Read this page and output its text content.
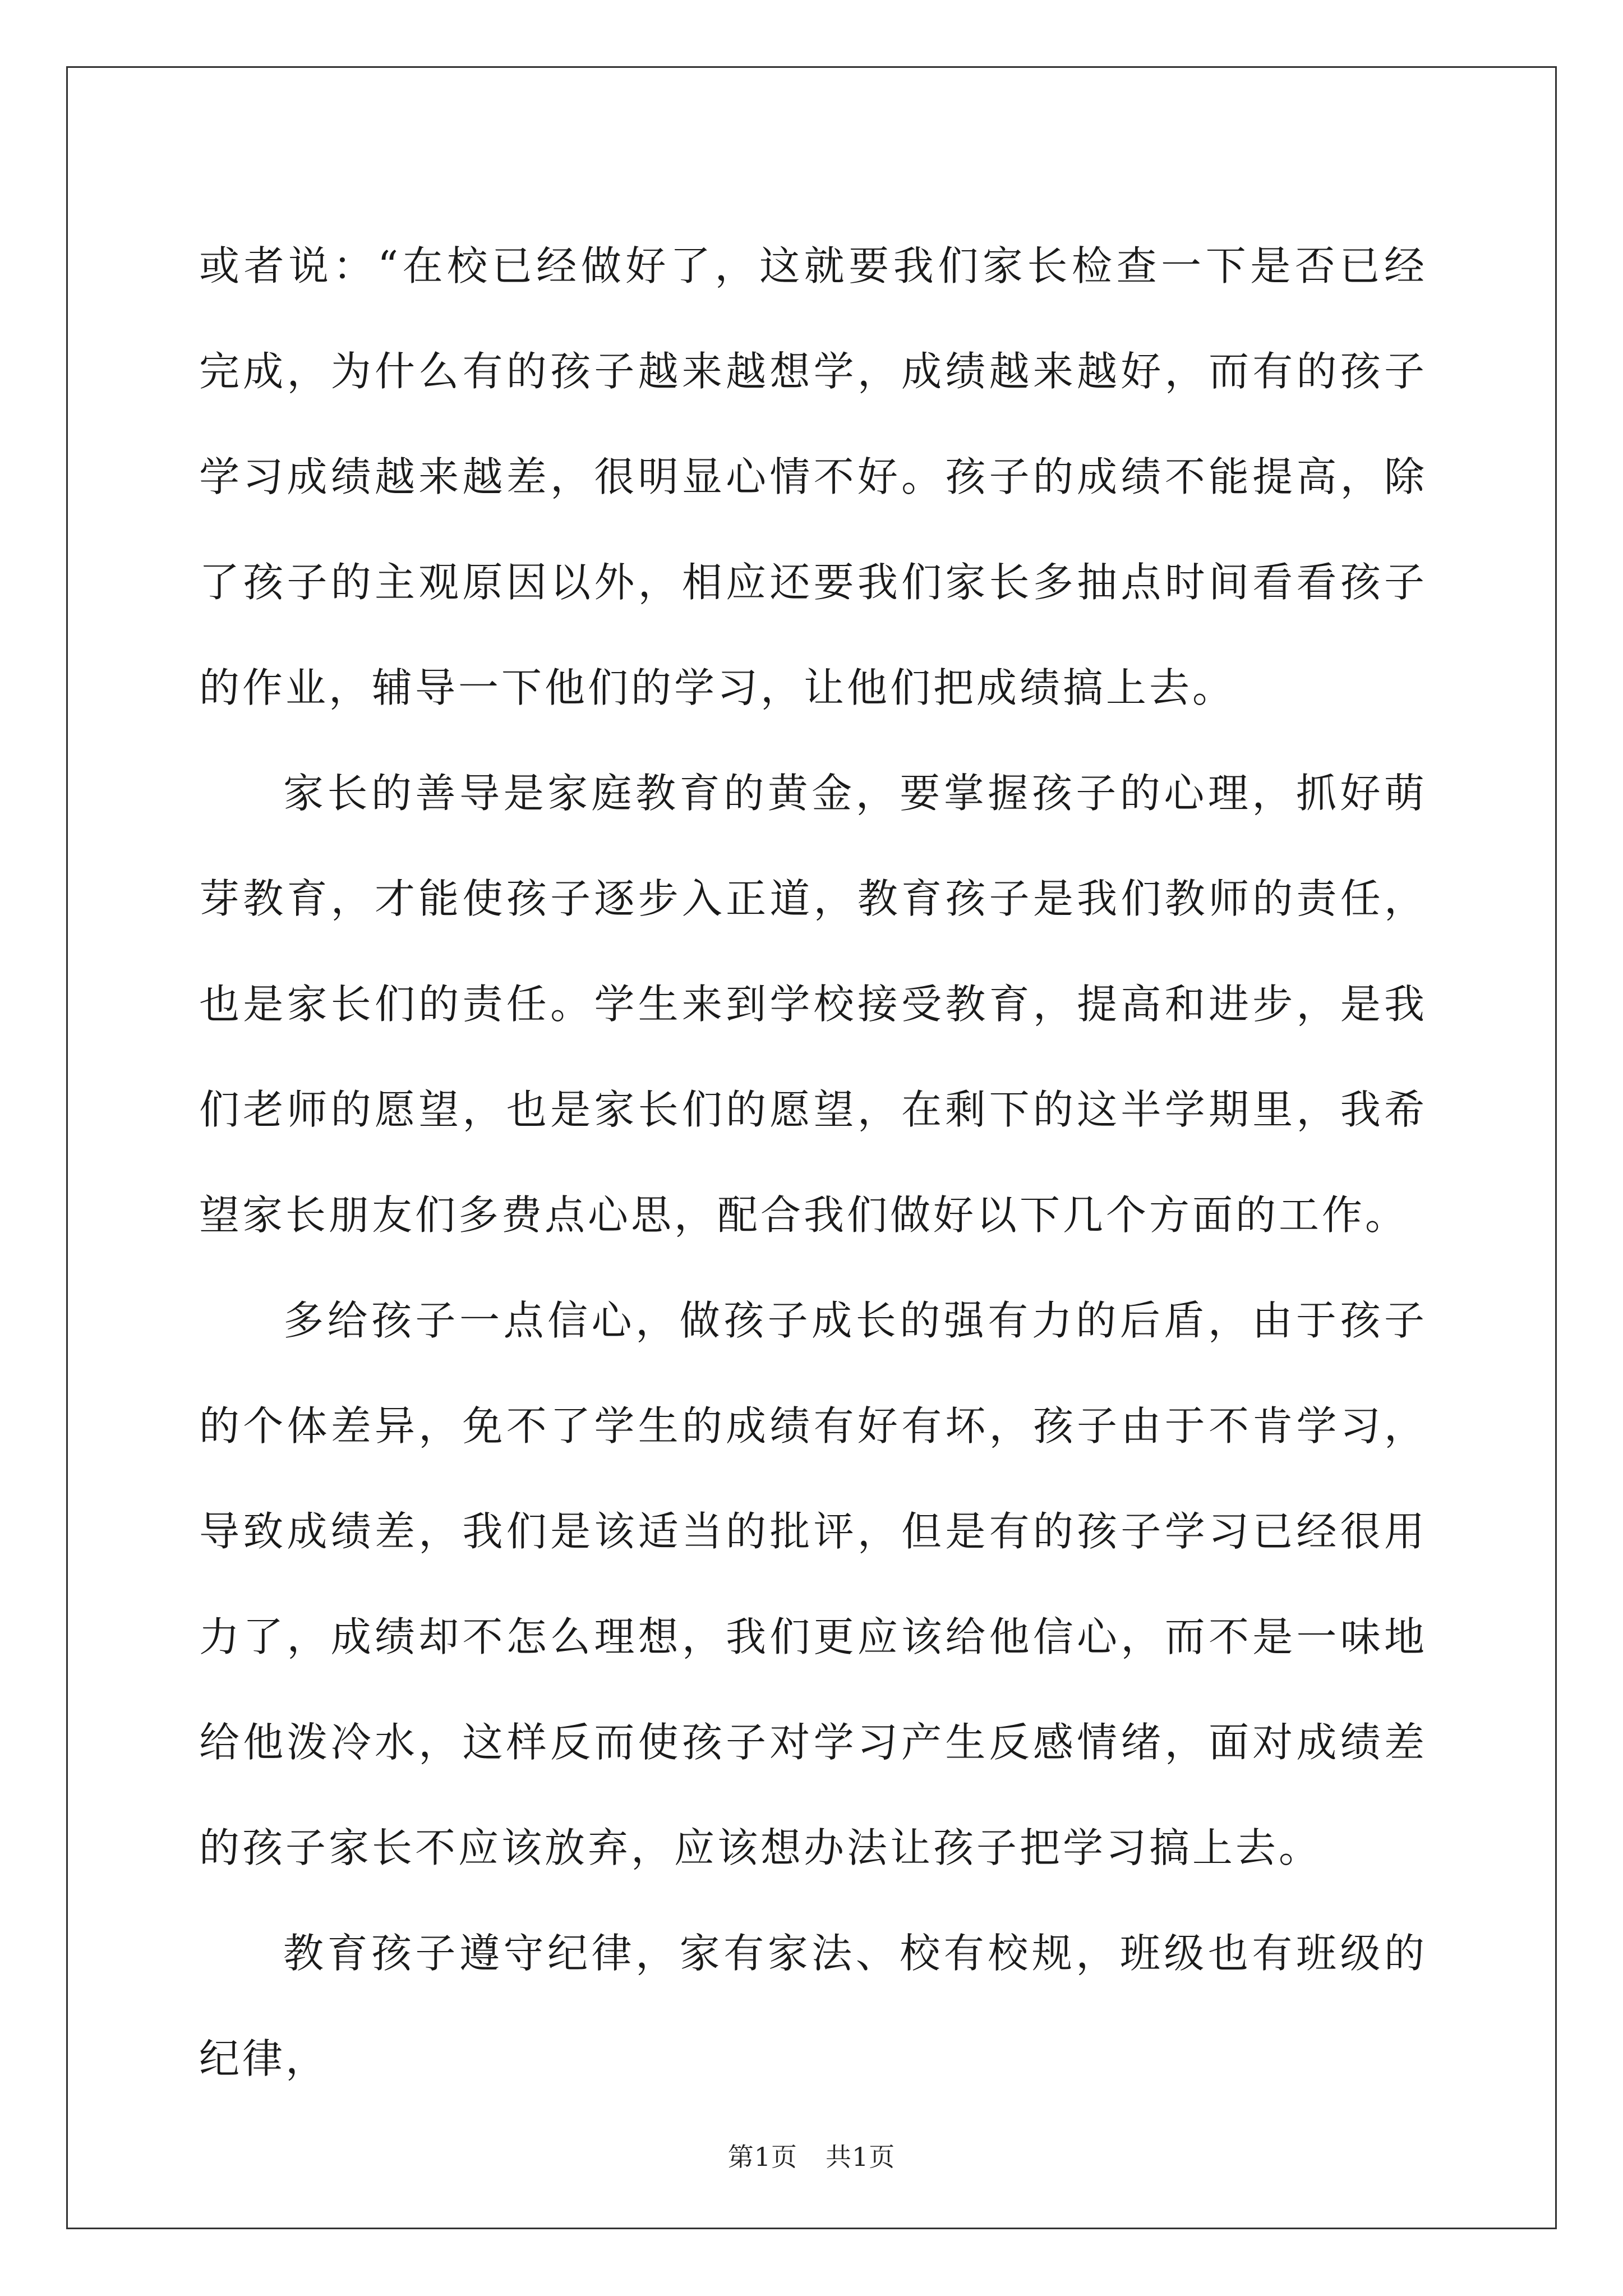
或者说：“在校已经做好了，这就要我们家长检查一下是否已经完成，为什么有的孩子越来越想学，成绩越来越好，而有的孩子学习成绩越来越差，很明显心情不好。孩子的成绩不能提高，除了孩子的主观原因以外，相应还要我们家长多抽点时间看看孩子的作业，辅导一下他们的学习，让他们把成绩搞上去。

家长的善导是家庭教育的黄金，要掌握孩子的心理，抓好萌芽教育，才能使孩子逐步入正道，教育孩子是我们教师的责任，也是家长们的责任。学生来到学校接受教育，提高和进步，是我们老师的愿望，也是家长们的愿望，在剩下的这半学期里，我希望家长朋友们多费点心思，配合我们做好以下几个方面的工作。

多给孩子一点信心，做孩子成长的强有力的后盾，由于孩子的个体差异，免不了学生的成绩有好有坏，孩子由于不肯学习，导致成绩差，我们是该适当的批评，但是有的孩子学习已经很用力了，成绩却不怎么理想，我们更应该给他信心，而不是一味地给他泼冷水，这样反而使孩子对学习产生反感情绪，面对成绩差的孩子家长不应该放弃，应该想办法让孩子把学习搞上去。

教育孩子遵守纪律，家有家法、校有校规，班级也有班级的纪律，

第1页 共1页
